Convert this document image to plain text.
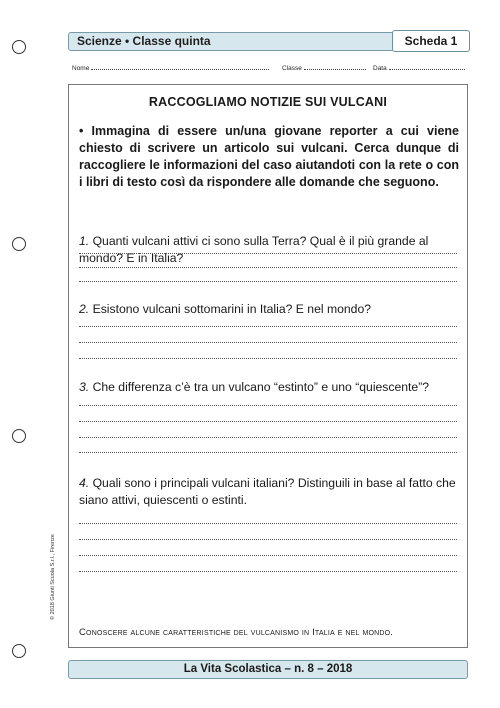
Scienze • Classe quinta	Scheda 1
Nome	Classe	Data
RACCOGLIAMO NOTIZIE SUI VULCANI
• Immagina di essere un/una giovane reporter a cui viene chiesto di scrivere un articolo sui vulcani. Cerca dunque di raccogliere le informazioni del caso aiutandoti con la rete o con i libri di testo così da rispondere alle domande che seguono.
1. Quanti vulcani attivi ci sono sulla Terra? Qual è il più grande al mondo? E in Italia?
2. Esistono vulcani sottomarini in Italia? E nel mondo?
3. Che differenza c’è tra un vulcano “estinto” e uno “quiescente”?
4. Quali sono i principali vulcani italiani? Distinguili in base al fatto che siano attivi, quiescenti o estinti.
Conoscere alcune caratteristiche del vulcanismo in Italia e nel mondo.
© 2018 Giunti Scuola S.r.l., Firenze
La Vita Scolastica – n. 8 – 2018
